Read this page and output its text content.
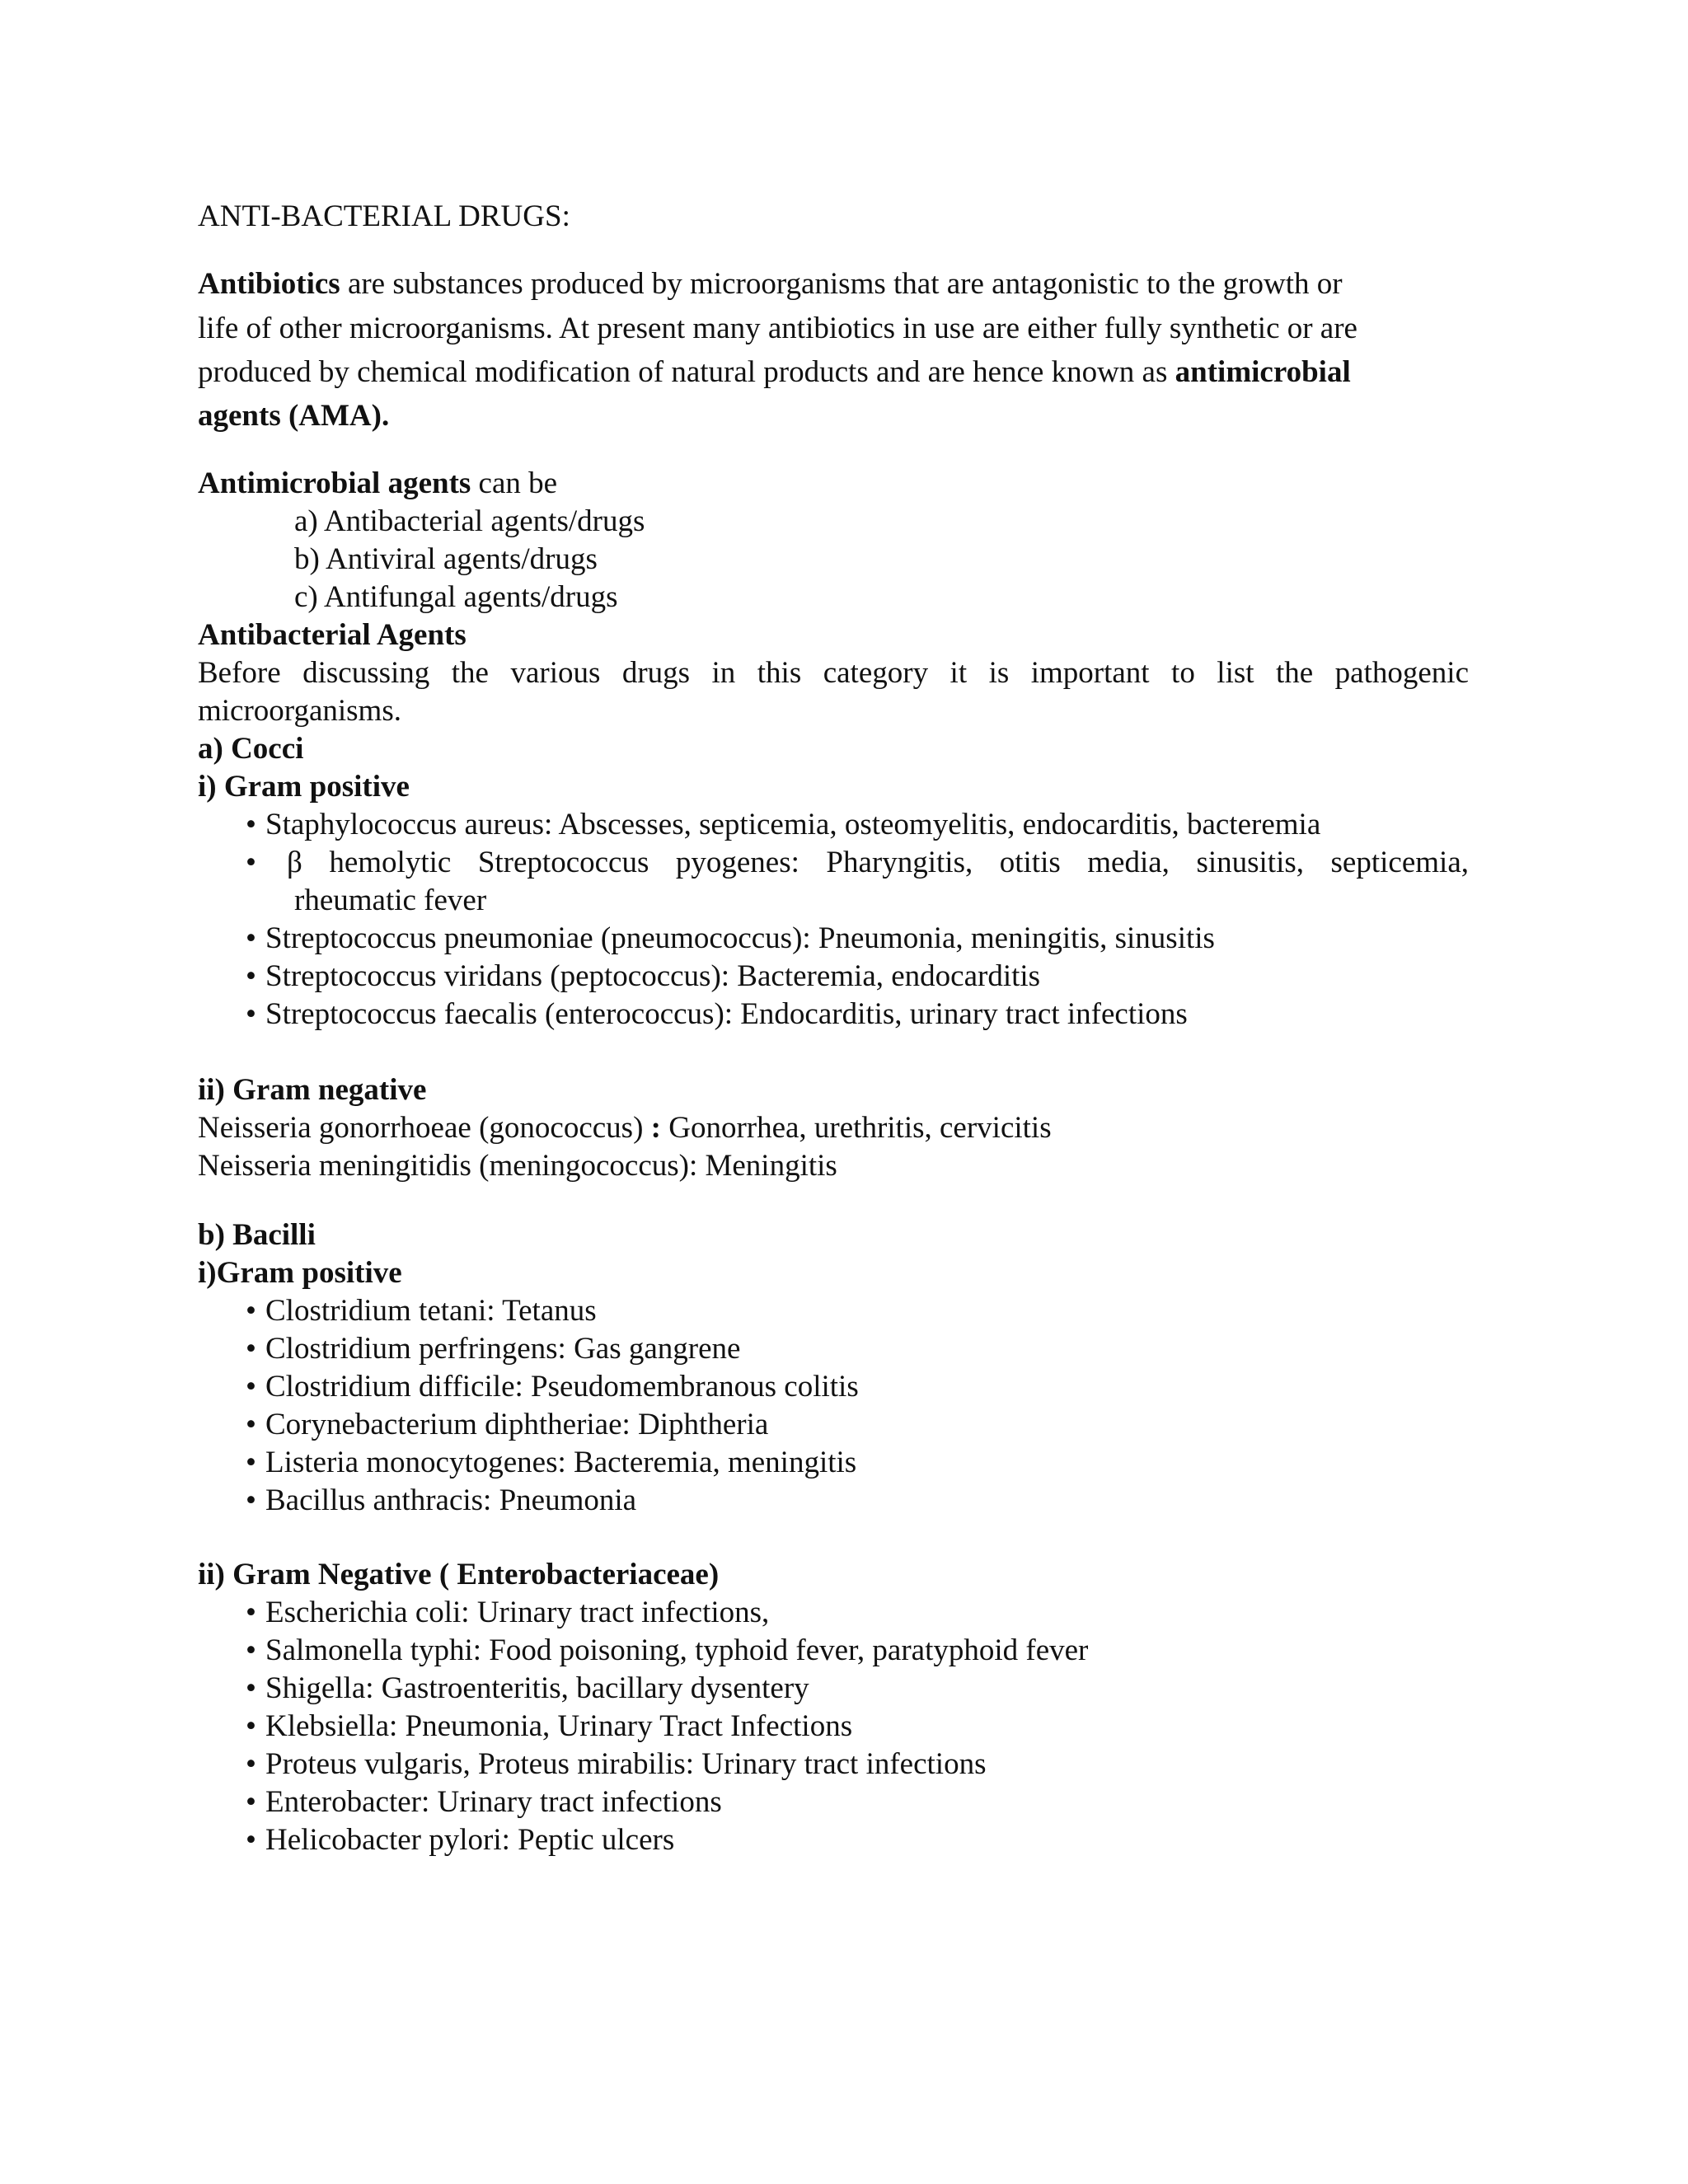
ANTI-BACTERIAL DRUGS:
Antibiotics are substances produced by microorganisms that are antagonistic to the growth or
life of other microorganisms. At present many antibiotics in use are either fully synthetic or are
produced by chemical modification of natural products and are hence known as antimicrobial
agents (AMA).
Antimicrobial agents can be
a) Antibacterial agents/drugs
b) Antiviral agents/drugs
c) Antifungal agents/drugs
Antibacterial Agents
Before discussing the various drugs in this category it is important to list the pathogenic
microorganisms.
a) Cocci
i) Gram positive
• Staphylococcus aureus: Abscesses, septicemia, osteomyelitis, endocarditis, bacteremia
• β hemolytic Streptococcus pyogenes: Pharyngitis, otitis media, sinusitis, septicemia,
rheumatic fever
• Streptococcus pneumoniae (pneumococcus): Pneumonia, meningitis, sinusitis
• Streptococcus viridans (peptococcus): Bacteremia, endocarditis
• Streptococcus faecalis (enterococcus): Endocarditis, urinary tract infections
ii) Gram negative
Neisseria gonorrhoeae (gonococcus) : Gonorrhea, urethritis, cervicitis
Neisseria meningitidis (meningococcus): Meningitis
b) Bacilli
i)Gram positive
• Clostridium tetani: Tetanus
• Clostridium perfringens: Gas gangrene
• Clostridium difficile: Pseudomembranous colitis
• Corynebacterium diphtheriae: Diphtheria
• Listeria monocytogenes: Bacteremia, meningitis
• Bacillus anthracis: Pneumonia
ii) Gram Negative ( Enterobacteriaceae)
• Escherichia coli: Urinary tract infections,
• Salmonella typhi: Food poisoning, typhoid fever, paratyphoid fever
• Shigella: Gastroenteritis, bacillary dysentery
• Klebsiella: Pneumonia, Urinary Tract Infections
• Proteus vulgaris, Proteus mirabilis: Urinary tract infections
• Enterobacter: Urinary tract infections
• Helicobacter pylori: Peptic ulcers
